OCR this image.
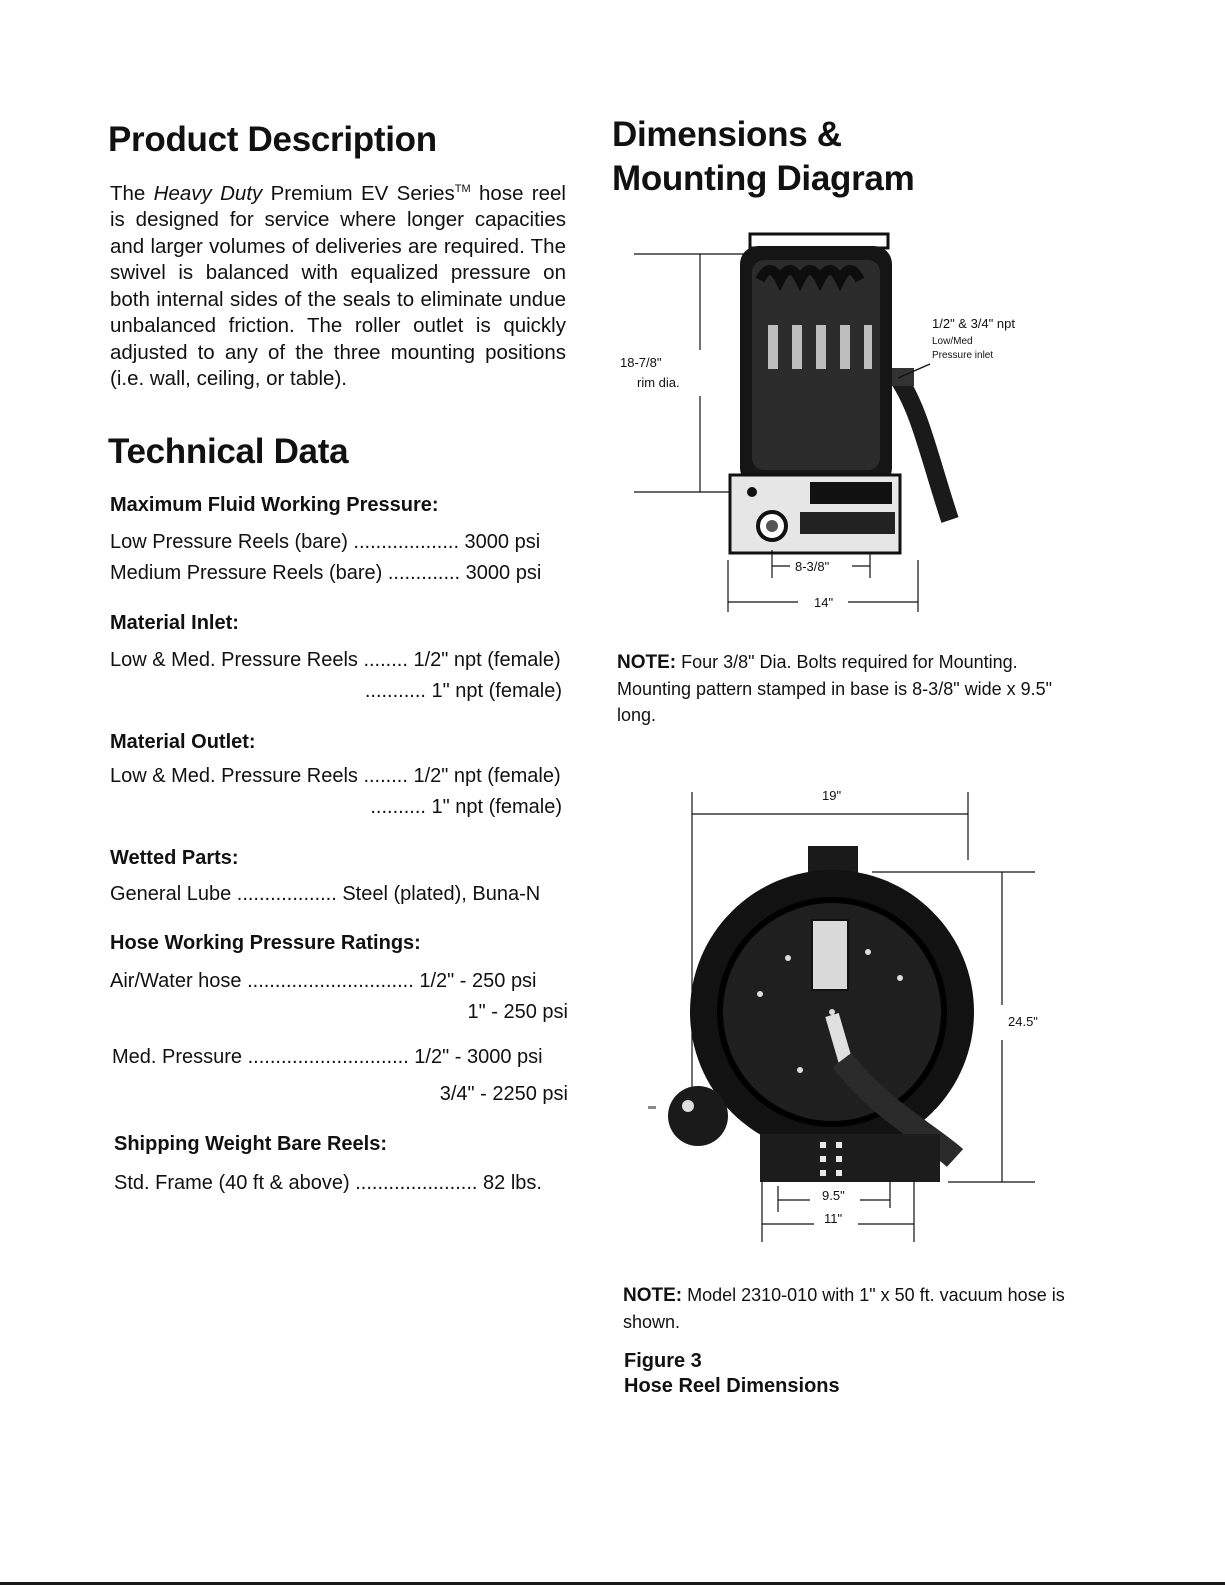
Product Description

The Heavy Duty Premium EV Series™ hose reel is designed for service where longer capacities and larger volumes of deliveries are required. The swivel is balanced with equalized pressure on both internal sides of the seals to eliminate undue unbalanced friction. The roller outlet is quickly adjusted to any of the three mounting positions (i.e. wall, ceiling, or table).

Technical Data
Maximum Fluid Working Pressure:
Low Pressure Reels (bare) ................... 3000 psi
Medium Pressure Reels (bare) ............. 3000 psi
Material Inlet:
Low & Med. Pressure Reels ........ 1/2" npt (female)
........... 1" npt (female)
Material Outlet:
Low & Med. Pressure Reels ........ 1/2" npt (female)
.......... 1" npt (female)
Wetted Parts:
General Lube .................. Steel (plated), Buna-N
Hose Working Pressure Ratings:
Air/Water hose .............................. 1/2" - 250 psi
1" - 250 psi
Med. Pressure ............................. 1/2" - 3000 psi
3/4" - 2250 psi
Shipping Weight Bare Reels:
Std. Frame (40 ft & above) ...................... 82 lbs.
Dimensions &
Mounting Diagram
18-7/8"
rim dia.
1/2" & 3/4" npt
Low/Med
Pressure inlet
8-3/8"
14"

NOTE: Four 3/8" Dia. Bolts required for Mounting. Mounting pattern stamped in base is 8-3/8" wide x 9.5" long.

19"
24.5"
9.5"
11"

NOTE: Model 2310-010 with 1" x 50 ft. vacuum hose is shown.

Figure 3

Hose Reel Dimensions
